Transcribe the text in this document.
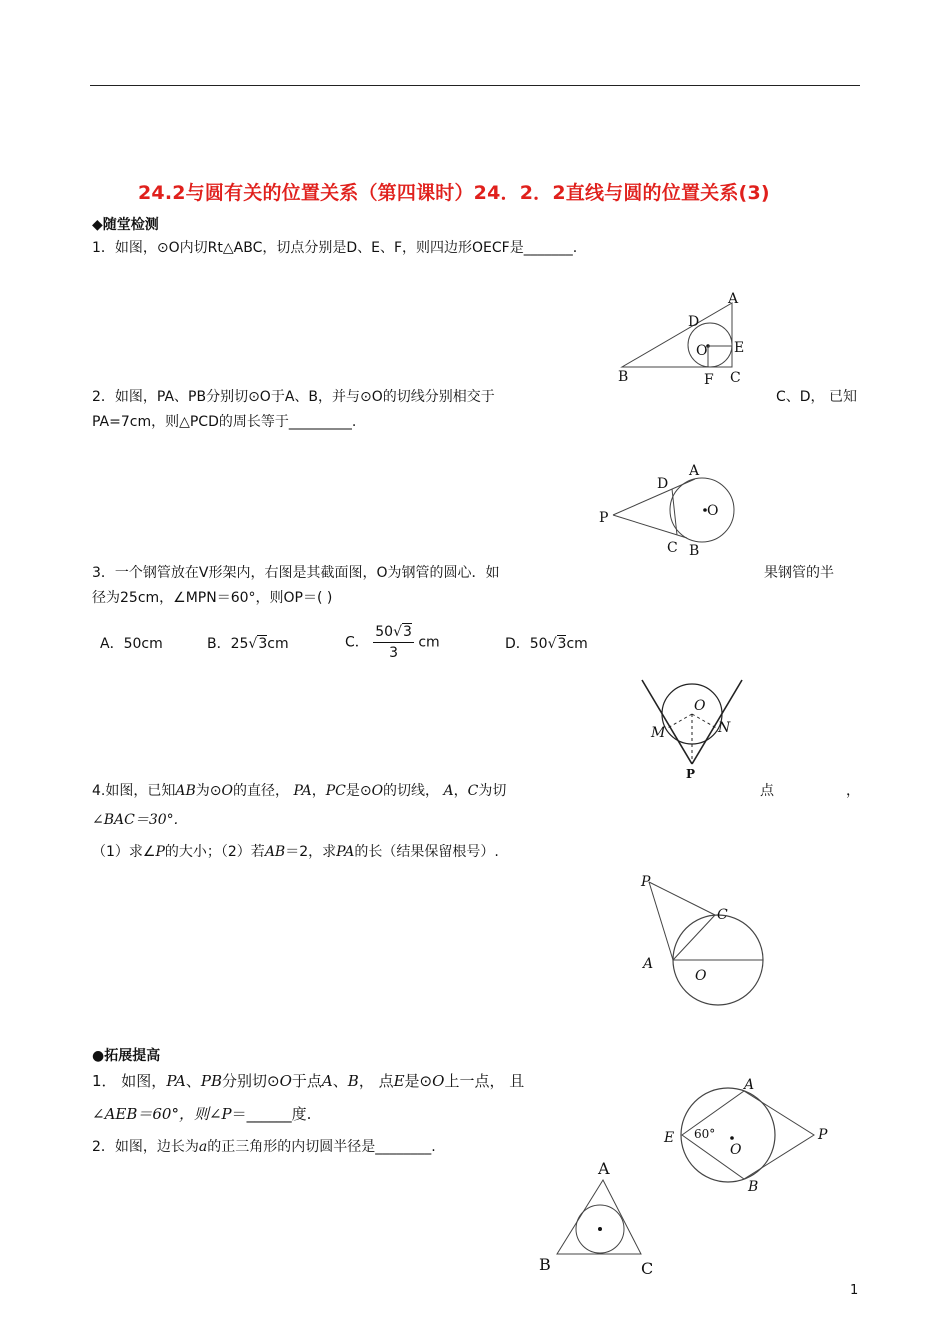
24.2与圆有关的位置关系（第四课时）24．2．2直线与圆的位置关系(3)
◆随堂检测
1．如图，⊙O内切Rt△ABC，切点分别是D、E、F，则四边形OECF是_______.
A
D
O E
B	F C
2．如图，PA、PB分别切⊙O于A、B，并与⊙O的切线分别相交于	C、D， 已知
PA=7cm，则△PCD的周长等于_________.
A
D
P	O
C B
3．一个钢管放在V形架内，右图是其截面图，O为钢管的圆心．如	果钢管的半
径为25cm，∠MPN＝60°，则OP＝( )
A．50cm	B．25√3cm	C． $\frac{50√3}{3}$ cm	D．50√3cm
O
M	N
P
4.如图，已知AB为⊙O的直径， PA，PC是⊙O的切线， A，C为切	点	，
∠BAC＝30°.
（1）求∠P的大小；（2）若AB＝2，求PA的长（结果保留根号）.
P
C
A
O
●拓展提高
1． 如图，PA、PB分别切⊙O于点A、B， 点E是⊙O上一点， 且
∠AEB＝60°，则∠P＝______度.
A
E 60°
O
P
B
2．如图，边长为a的正三角形的内切圆半径是________.
A
B	C
1
